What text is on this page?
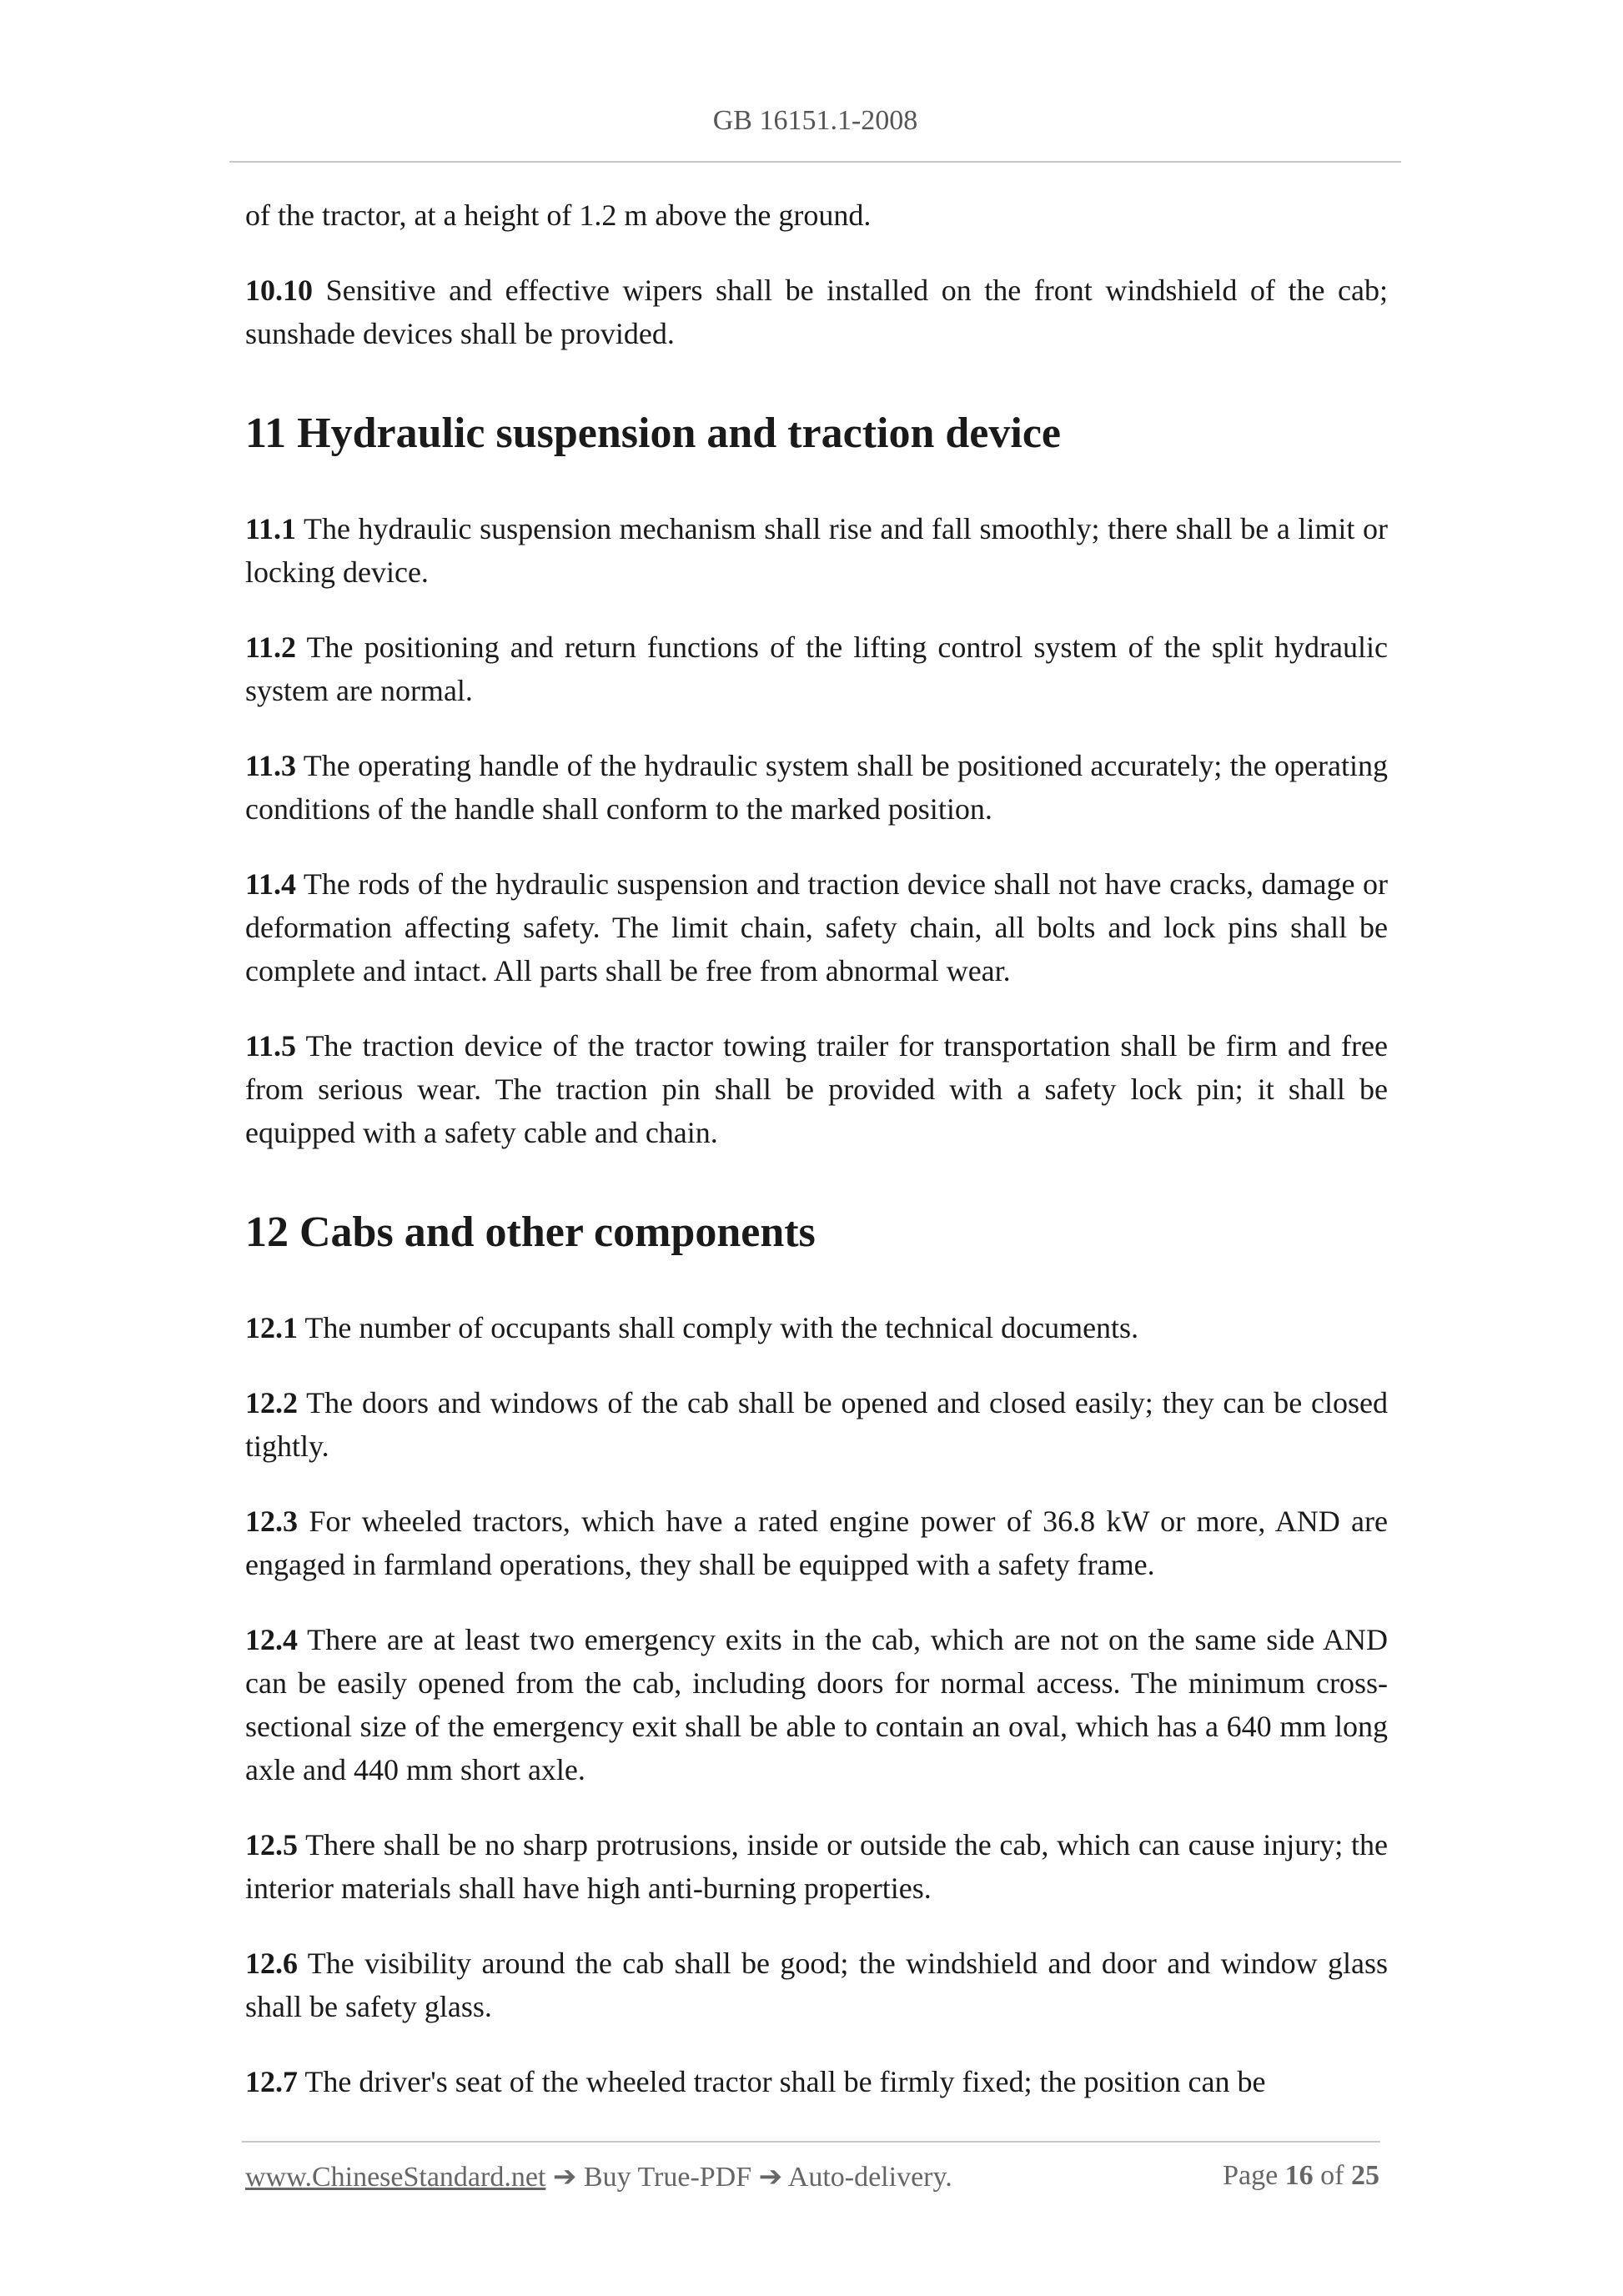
GB 16151.1-2008

of the tractor, at a height of 1.2 m above the ground.

10.10 Sensitive and effective wipers shall be installed on the front windshield of the cab; sunshade devices shall be provided.

11 Hydraulic suspension and traction device

11.1 The hydraulic suspension mechanism shall rise and fall smoothly; there shall be a limit or locking device.

11.2 The positioning and return functions of the lifting control system of the split hydraulic system are normal.

11.3 The operating handle of the hydraulic system shall be positioned accurately; the operating conditions of the handle shall conform to the marked position.

11.4 The rods of the hydraulic suspension and traction device shall not have cracks, damage or deformation affecting safety. The limit chain, safety chain, all bolts and lock pins shall be complete and intact. All parts shall be free from abnormal wear.

11.5 The traction device of the tractor towing trailer for transportation shall be firm and free from serious wear. The traction pin shall be provided with a safety lock pin; it shall be equipped with a safety cable and chain.

12 Cabs and other components

12.1 The number of occupants shall comply with the technical documents.

12.2 The doors and windows of the cab shall be opened and closed easily; they can be closed tightly.

12.3 For wheeled tractors, which have a rated engine power of 36.8 kW or more, AND are engaged in farmland operations, they shall be equipped with a safety frame.

12.4 There are at least two emergency exits in the cab, which are not on the same side AND can be easily opened from the cab, including doors for normal access. The minimum cross-sectional size of the emergency exit shall be able to contain an oval, which has a 640 mm long axle and 440 mm short axle.

12.5 There shall be no sharp protrusions, inside or outside the cab, which can cause injury; the interior materials shall have high anti-burning properties.

12.6 The visibility around the cab shall be good; the windshield and door and window glass shall be safety glass.

12.7 The driver's seat of the wheeled tractor shall be firmly fixed; the position can be

www.ChineseStandard.net ➔ Buy True-PDF ➔ Auto-delivery.	Page 16 of 25
